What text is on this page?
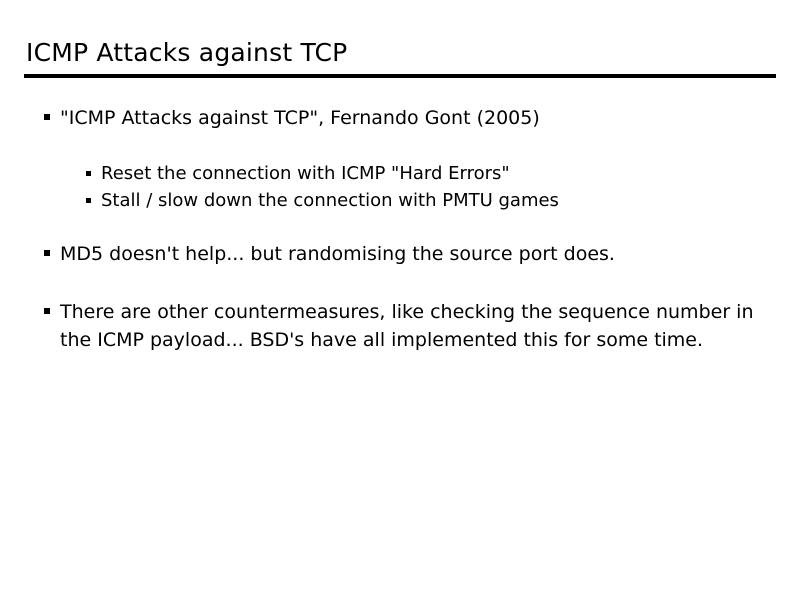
ICMP Attacks against TCP
"ICMP Attacks against TCP", Fernando Gont (2005)
Reset the connection with ICMP "Hard Errors"
Stall / slow down the connection with PMTU games
MD5 doesn't help... but randomising the source port does.
There are other countermeasures, like checking the sequence number in the ICMP payload... BSD's have all implemented this for some time.
